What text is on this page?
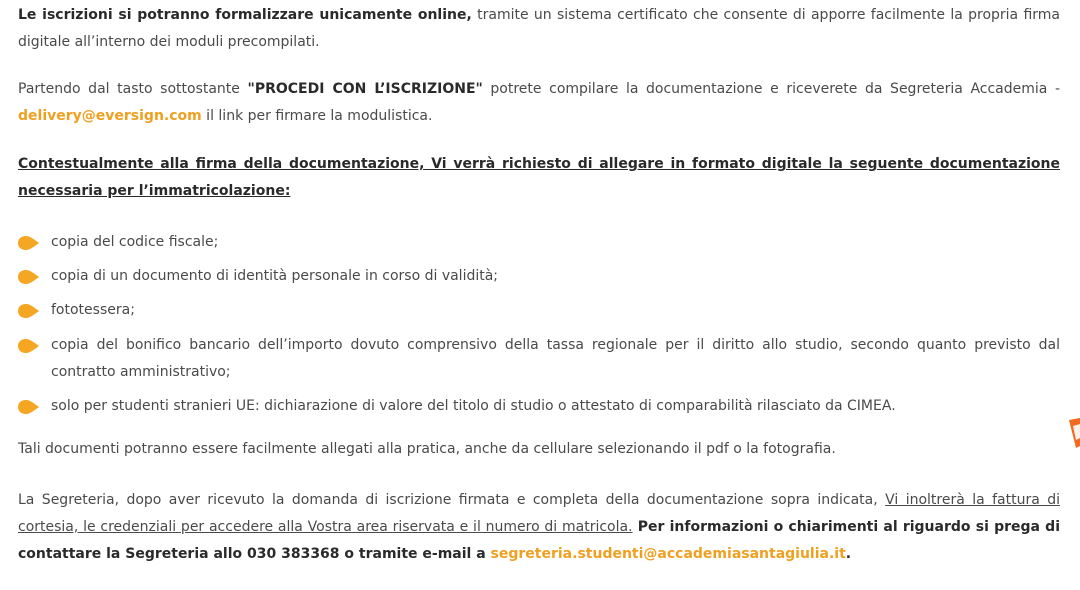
Le iscrizioni si potranno formalizzare unicamente online, tramite un sistema certificato che consente di apporre facilmente la propria firma digitale all’interno dei moduli precompilati.

Partendo dal tasto sottostante "PROCEDI CON L’ISCRIZIONE" potrete compilare la documentazione e riceverete da Segreteria Accademia - delivery@eversign.com il link per firmare la modulistica.

Contestualmente alla firma della documentazione, Vi verrà richiesto di allegare in formato digitale la seguente documentazione necessaria per l’immatricolazione:

copia del codice fiscale;
copia di un documento di identità personale in corso di validità;
fototessera;
copia del bonifico bancario dell’importo dovuto comprensivo della tassa regionale per il diritto allo studio, secondo quanto previsto dal contratto amministrativo;
solo per studenti stranieri UE: dichiarazione di valore del titolo di studio o attestato di comparabilità rilasciato da CIMEA.

Tali documenti potranno essere facilmente allegati alla pratica, anche da cellulare selezionando il pdf o la fotografia.

La Segreteria, dopo aver ricevuto la domanda di iscrizione firmata e completa della documentazione sopra indicata, Vi inoltrerà la fattura di cortesia, le credenziali per accedere alla Vostra area riservata e il numero di matricola. Per informazioni o chiarimenti al riguardo si prega di contattare la Segreteria allo 030 383368 o tramite e-mail a segreteria.studenti@accademiasantagiulia.it.
